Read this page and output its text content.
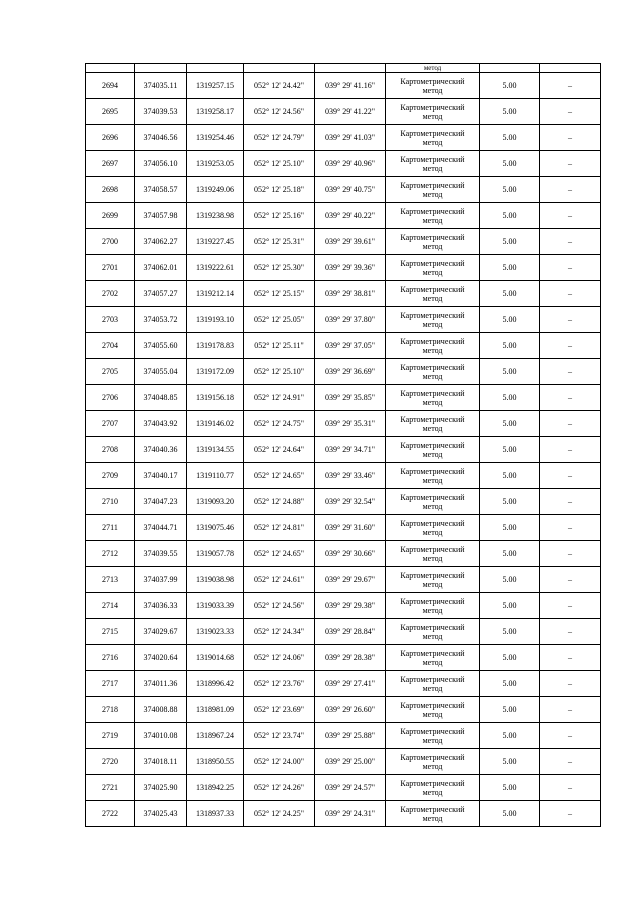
					метод		
2694	374035.11	1319257.15	052° 12' 24.42"	039° 29' 41.16"	Картометрический
метод	5.00	–
2695	374039.53	1319258.17	052° 12' 24.56"	039° 29' 41.22"	Картометрический
метод	5.00	–
2696	374046.56	1319254.46	052° 12' 24.79"	039° 29' 41.03"	Картометрический
метод	5.00	–
2697	374056.10	1319253.05	052° 12' 25.10"	039° 29' 40.96"	Картометрический
метод	5.00	–
2698	374058.57	1319249.06	052° 12' 25.18"	039° 29' 40.75"	Картометрический
метод	5.00	–
2699	374057.98	1319238.98	052° 12' 25.16"	039° 29' 40.22"	Картометрический
метод	5.00	–
2700	374062.27	1319227.45	052° 12' 25.31"	039° 29' 39.61"	Картометрический
метод	5.00	–
2701	374062.01	1319222.61	052° 12' 25.30"	039° 29' 39.36"	Картометрический
метод	5.00	–
2702	374057.27	1319212.14	052° 12' 25.15"	039° 29' 38.81"	Картометрический
метод	5.00	–
2703	374053.72	1319193.10	052° 12' 25.05"	039° 29' 37.80"	Картометрический
метод	5.00	–
2704	374055.60	1319178.83	052° 12' 25.11"	039° 29' 37.05"	Картометрический
метод	5.00	–
2705	374055.04	1319172.09	052° 12' 25.10"	039° 29' 36.69"	Картометрический
метод	5.00	–
2706	374048.85	1319156.18	052° 12' 24.91"	039° 29' 35.85"	Картометрический
метод	5.00	–
2707	374043.92	1319146.02	052° 12' 24.75"	039° 29' 35.31"	Картометрический
метод	5.00	–
2708	374040.36	1319134.55	052° 12' 24.64"	039° 29' 34.71"	Картометрический
метод	5.00	–
2709	374040.17	1319110.77	052° 12' 24.65"	039° 29' 33.46"	Картометрический
метод	5.00	–
2710	374047.23	1319093.20	052° 12' 24.88"	039° 29' 32.54"	Картометрический
метод	5.00	–
2711	374044.71	1319075.46	052° 12' 24.81"	039° 29' 31.60"	Картометрический
метод	5.00	–
2712	374039.55	1319057.78	052° 12' 24.65"	039° 29' 30.66"	Картометрический
метод	5.00	–
2713	374037.99	1319038.98	052° 12' 24.61"	039° 29' 29.67"	Картометрический
метод	5.00	–
2714	374036.33	1319033.39	052° 12' 24.56"	039° 29' 29.38"	Картометрический
метод	5.00	–
2715	374029.67	1319023.33	052° 12' 24.34"	039° 29' 28.84"	Картометрический
метод	5.00	–
2716	374020.64	1319014.68	052° 12' 24.06"	039° 29' 28.38"	Картометрический
метод	5.00	–
2717	374011.36	1318996.42	052° 12' 23.76"	039° 29' 27.41"	Картометрический
метод	5.00	–
2718	374008.88	1318981.09	052° 12' 23.69"	039° 29' 26.60"	Картометрический
метод	5.00	–
2719	374010.08	1318967.24	052° 12' 23.74"	039° 29' 25.88"	Картометрический
метод	5.00	–
2720	374018.11	1318950.55	052° 12' 24.00"	039° 29' 25.00"	Картометрический
метод	5.00	–
2721	374025.90	1318942.25	052° 12' 24.26"	039° 29' 24.57"	Картометрический
метод	5.00	–
2722	374025.43	1318937.33	052° 12' 24.25"	039° 29' 24.31"	Картометрический
метод	5.00	–
